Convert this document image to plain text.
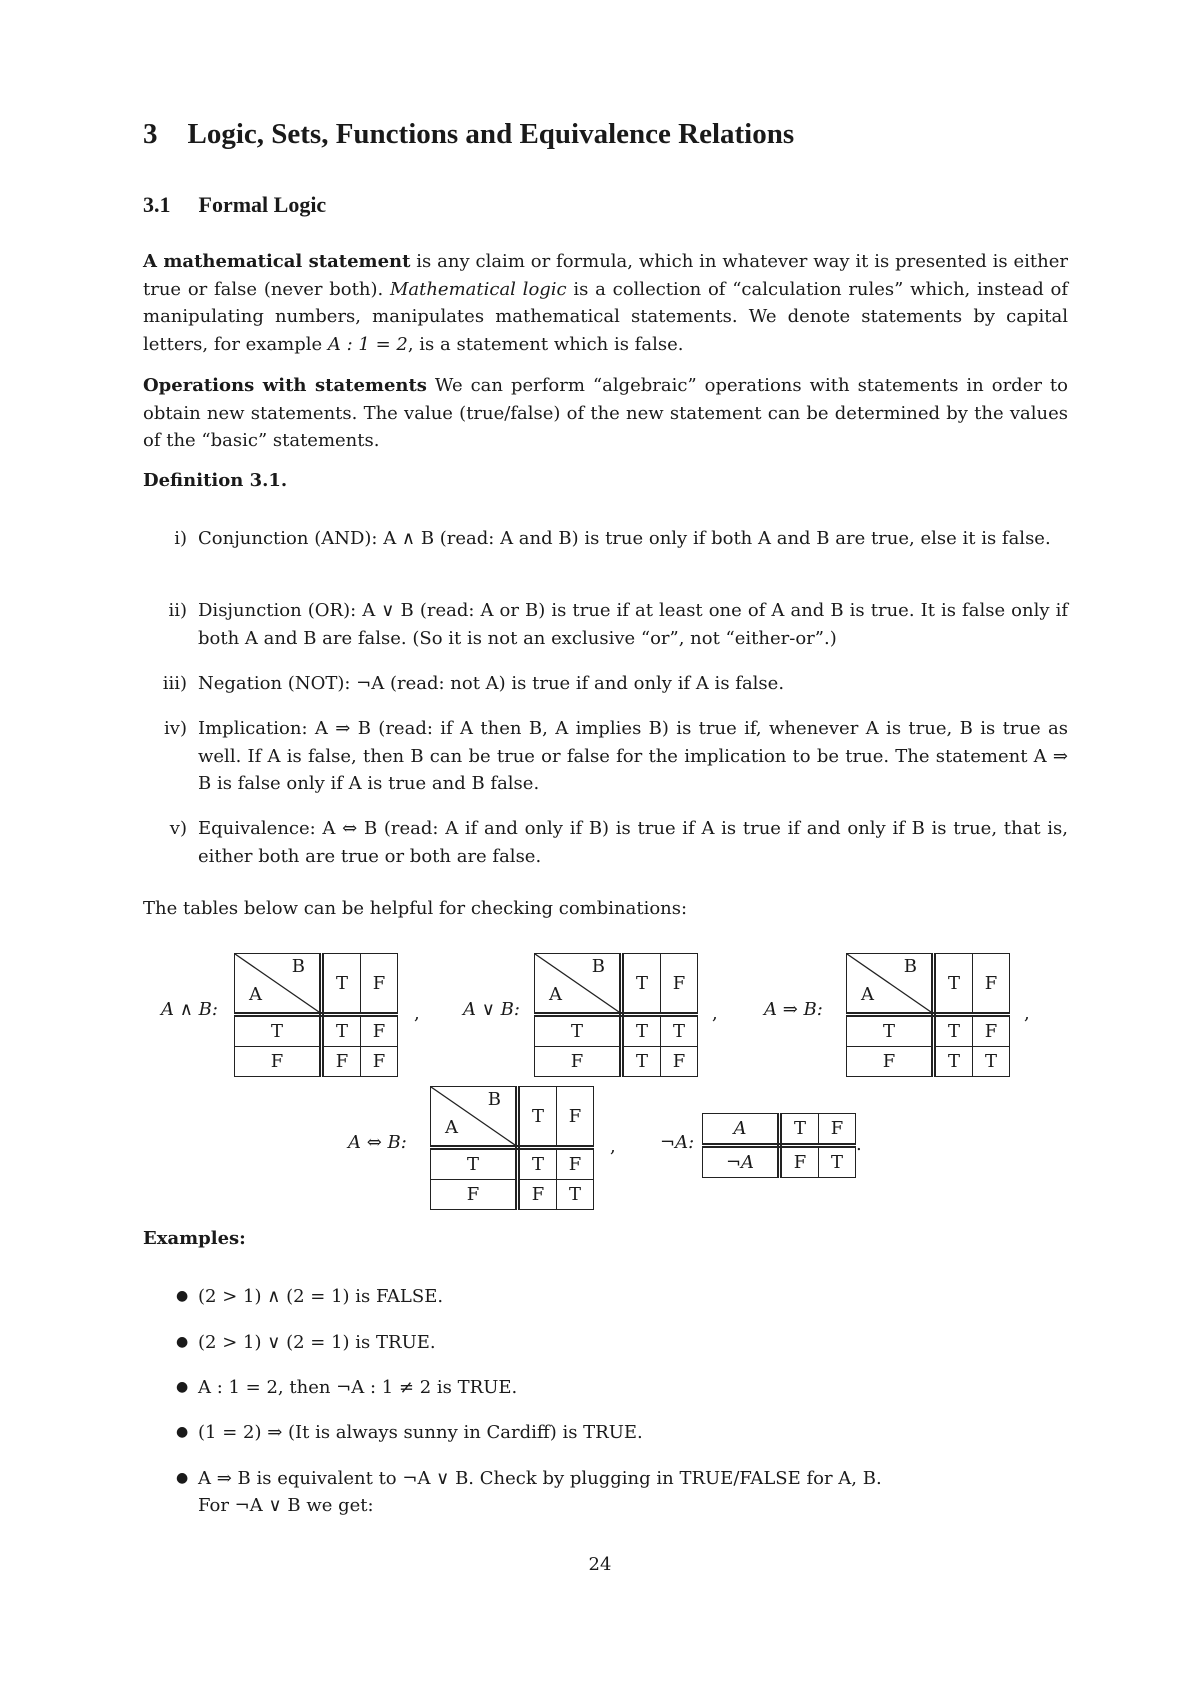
3 Logic, Sets, Functions and Equivalence Relations
3.1 Formal Logic

A mathematical statement is any claim or formula, which in whatever way it is presented is either true or false (never both). Mathematical logic is a collection of “calculation rules” which, instead of manipulating numbers, manipulates mathematical statements. We denote statements by capital letters, for example A : 1 = 2, is a statement which is false.

Operations with statements We can perform “algebraic” operations with statements in order to obtain new statements. The value (true/false) of the new statement can be determined by the values of the “basic” statements.

Definition 3.1.
i) Conjunction (AND): A ∧ B (read: A and B) is true only if both A and B are true, else it is false.
ii) Disjunction (OR): A ∨ B (read: A or B) is true if at least one of A and B is true. It is false only if both A and B are false. (So it is not an exclusive “or”, not “either-or”.)
iii) Negation (NOT): ¬A (read: not A) is true if and only if A is false.
iv) Implication: A ⇒ B (read: if A then B, A implies B) is true if, whenever A is true, B is true as well. If A is false, then B can be true or false for the implication to be true. The statement A ⇒ B is false only if A is true and B false.
v) Equivalence: A ⇔ B (read: A if and only if B) is true if A is true if and only if B is true, that is, either both are true or both are false.
The tables below can be helpful for checking combinations:
A ∧ B:
B
A	T	F
T	T	F
F	F	F
, A ∨ B:
B
A	T	F
T	T	T
F	T	F
,	A ⇒ B:
B
A	T	F
T	T	F
F	T	T
,
A ⇔ B:
B
A	T	F
T	T	F
F	F	T
, ¬A:
A	T	F
¬A	F	T
.
Examples:
● (2 > 1) ∧ (2 = 1) is FALSE.
● (2 > 1) ∨ (2 = 1) is TRUE.
● A : 1 = 2, then ¬A : 1 ≠ 2 is TRUE.
● (1 = 2) ⇒ (It is always sunny in Cardiff) is TRUE.
● A ⇒ B is equivalent to ¬A ∨ B. Check by plugging in TRUE/FALSE for A, B.
For ¬A ∨ B we get:
24
